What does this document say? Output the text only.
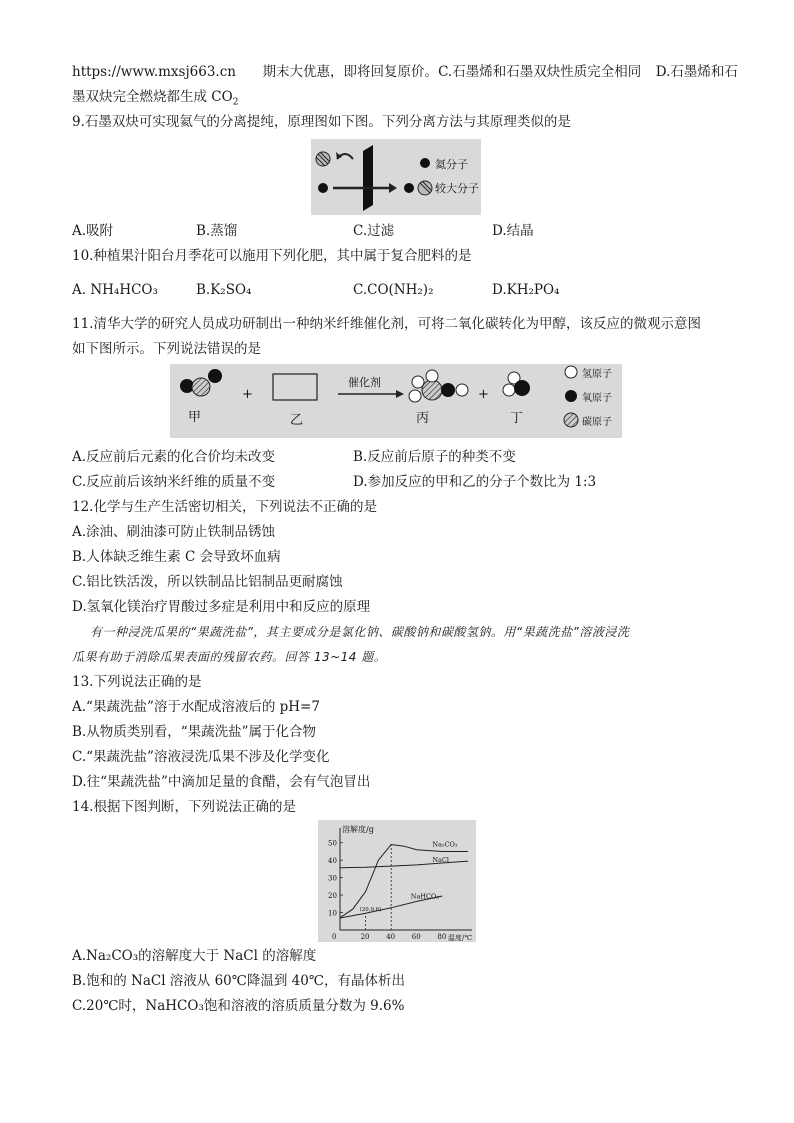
https://www.mxsj663.cn 期末大优惠，即将回复原价。C.石墨烯和石墨双炔性质完全相同 D.石墨烯和石
墨双炔完全燃烧都生成 $CO_2$
9.石墨双炔可实现氦气的分离提纯，原理图如下图。下列分离方法与其原理类似的是
氦分子
较大分子
A.吸附	B.蒸馏	C.过滤	D.结晶
10.种植果汁阳台月季花可以施用下列化肥，其中属于复合肥料的是
A. NH₄HCO₃	B.K₂SO₄	C.CO(NH₂)₂	D.KH₂PO₄
11.清华大学的研究人员成功研制出一种纳米纤维催化剂，可将二氧化碳转化为甲醇，该反应的微观示意图
如下图所示。下列说法错误的是
甲
+
乙
催化剂
丙
+
丁
氢原子
氧原子
碳原子
A.反应前后元素的化合价均未改变	B.反应前后原子的种类不变
C.反应前后该纳米纤维的质量不变	D.参加反应的甲和乙的分子个数比为 1:3
12.化学与生产生活密切相关，下列说法不正确的是
A.涂油、刷油漆可防止铁制品锈蚀
B.人体缺乏维生素 C 会导致坏血病
C.铝比铁活泼，所以铁制品比铝制品更耐腐蚀
D.氢氧化镁治疗胃酸过多症是利用中和反应的原理
有一种浸洗瓜果的“果蔬洗盐”，其主要成分是氯化钠、碳酸钠和碳酸氢钠。用“果蔬洗盐”溶液浸洗
瓜果有助于消除瓜果表面的残留农药。回答 13~14 题。
13.下列说法正确的是
A.“果蔬洗盐”溶于水配成溶液后的 pH=7
B.从物质类别看，“果蔬洗盐”属于化合物
C.“果蔬洗盐”溶液浸洗瓜果不涉及化学变化
D.往“果蔬洗盐”中滴加足量的食醋，会有气泡冒出
14.根据下图判断，下列说法正确的是
溶解度/g
温度/℃
0
10
20
30
40
50
20 40 60 80
Na₂CO₃
NaCl
NaHCO₃
(20,9.6)
A.Na₂CO₃的溶解度大于 NaCl 的溶解度
B.饱和的 NaCl 溶液从 60℃降温到 40℃，有晶体析出
C.20℃时，NaHCO₃饱和溶液的溶质质量分数为 9.6%
